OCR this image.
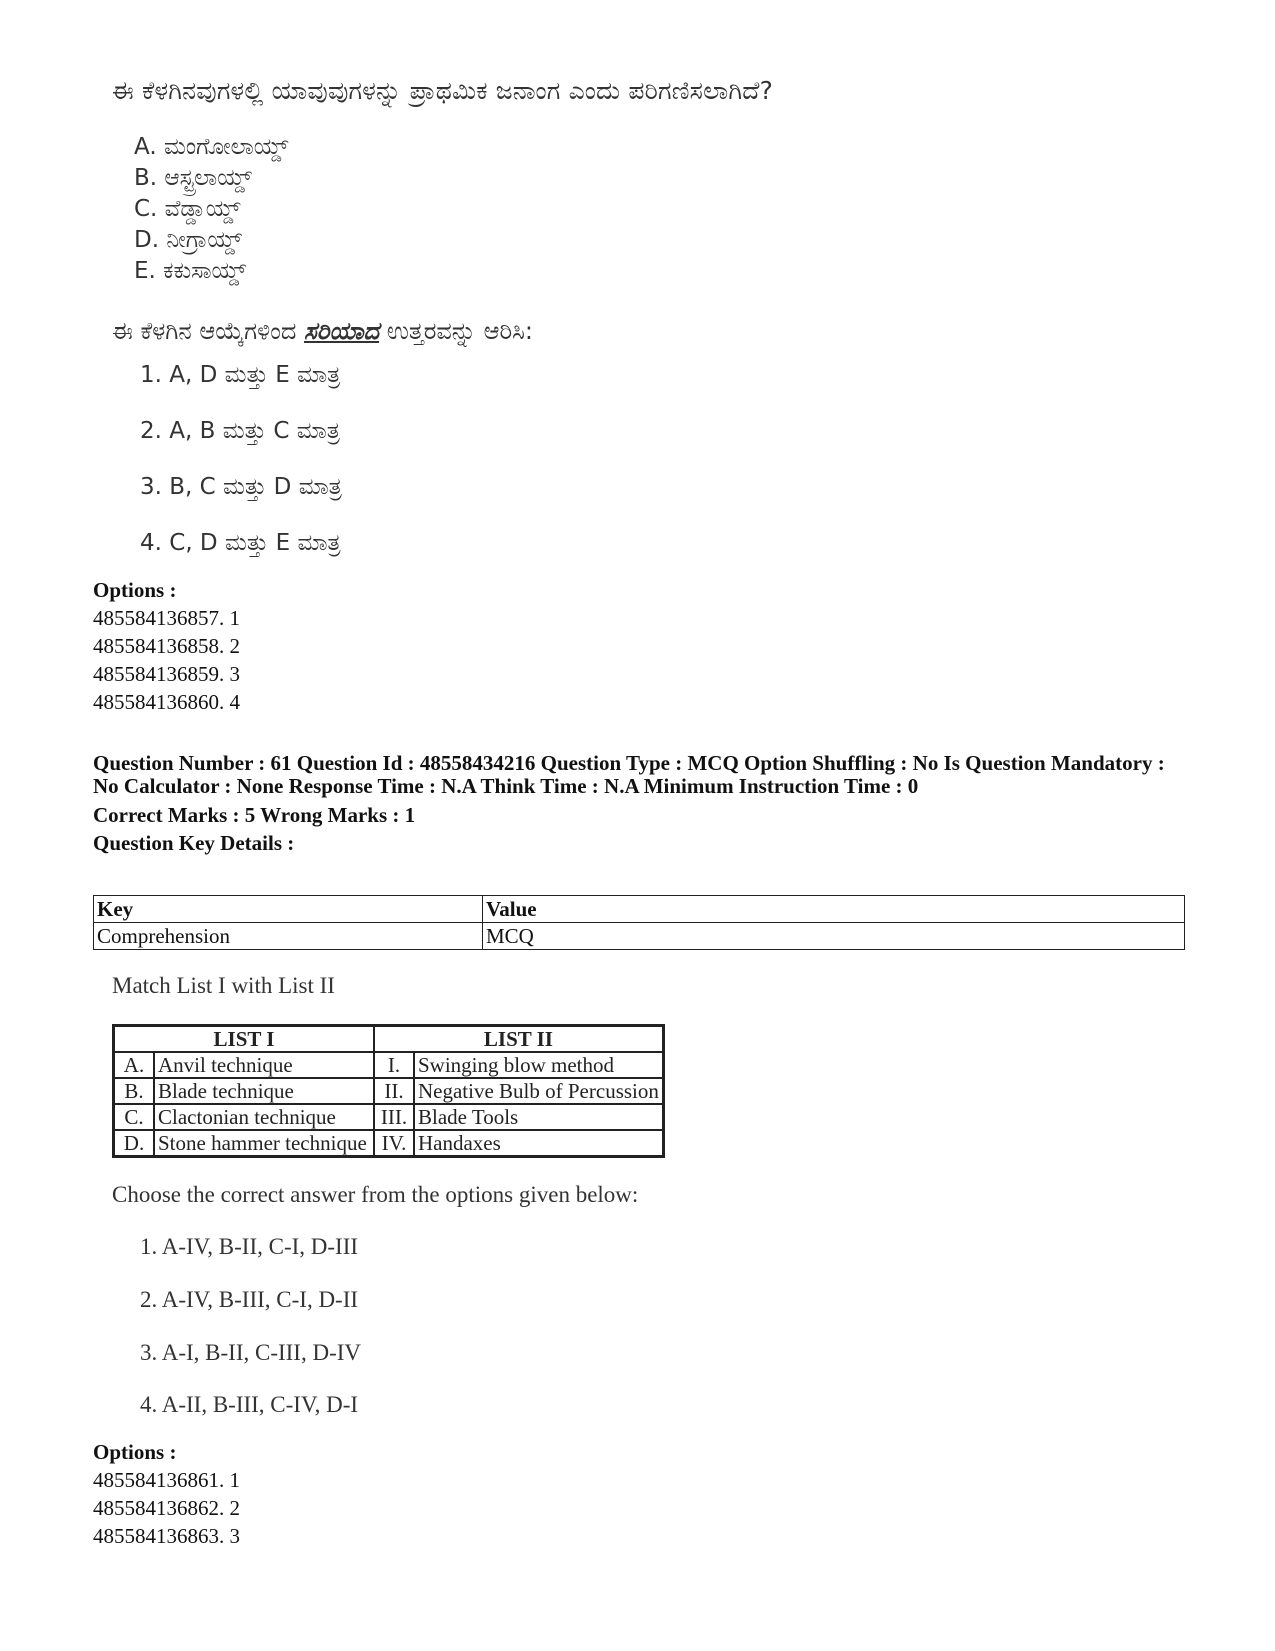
ಈ ಕೆಳಗಿನವುಗಳಲ್ಲಿ ಯಾವುವುಗಳನ್ನು ಪ್ರಾಥಮಿಕ ಜನಾಂಗ ಎಂದು ಪರಿಗಣಿಸಲಾಗಿದೆ?
A. ಮಂಗೋಲಾಯ್ಡ್
B. ಆಸ್ಟ್ರಲಾಯ್ಡ್
C. ವೆಡ್ಡಾಯ್ಡ್
D. ನೀಗ್ರಾಯ್ಡ್
E. ಕಕುಸಾಯ್ಡ್
ಈ ಕೆಳಗಿನ ಆಯ್ಕೆಗಳಿಂದ ಸರಿಯಾದ ಉತ್ತರವನ್ನು ಆರಿಸಿ:
1. A, D ಮತ್ತು E ಮಾತ್ರ
2. A, B ಮತ್ತು C ಮಾತ್ರ
3. B, C ಮತ್ತು D ಮಾತ್ರ
4. C, D ಮತ್ತು E ಮಾತ್ರ
Options :
485584136857. 1
485584136858. 2
485584136859. 3
485584136860. 4
Question Number : 61 Question Id : 48558434216 Question Type : MCQ Option Shuffling : No Is Question Mandatory :
No Calculator : None Response Time : N.A Think Time : N.A Minimum Instruction Time : 0
Correct Marks : 5 Wrong Marks : 1
Question Key Details :
Key	Value
Comprehension	MCQ
Match List I with List II
LIST I		LIST II	
A.	Anvil technique	I.	Swinging blow method
B.	Blade technique	II.	Negative Bulb of Percussion
C.	Clactonian technique	III.	Blade Tools
D.	Stone hammer technique	IV.	Handaxes
Choose the correct answer from the options given below:
1. A-IV, B-II, C-I, D-III
2. A-IV, B-III, C-I, D-II
3. A-I, B-II, C-III, D-IV
4. A-II, B-III, C-IV, D-I
Options :
485584136861. 1
485584136862. 2
485584136863. 3
